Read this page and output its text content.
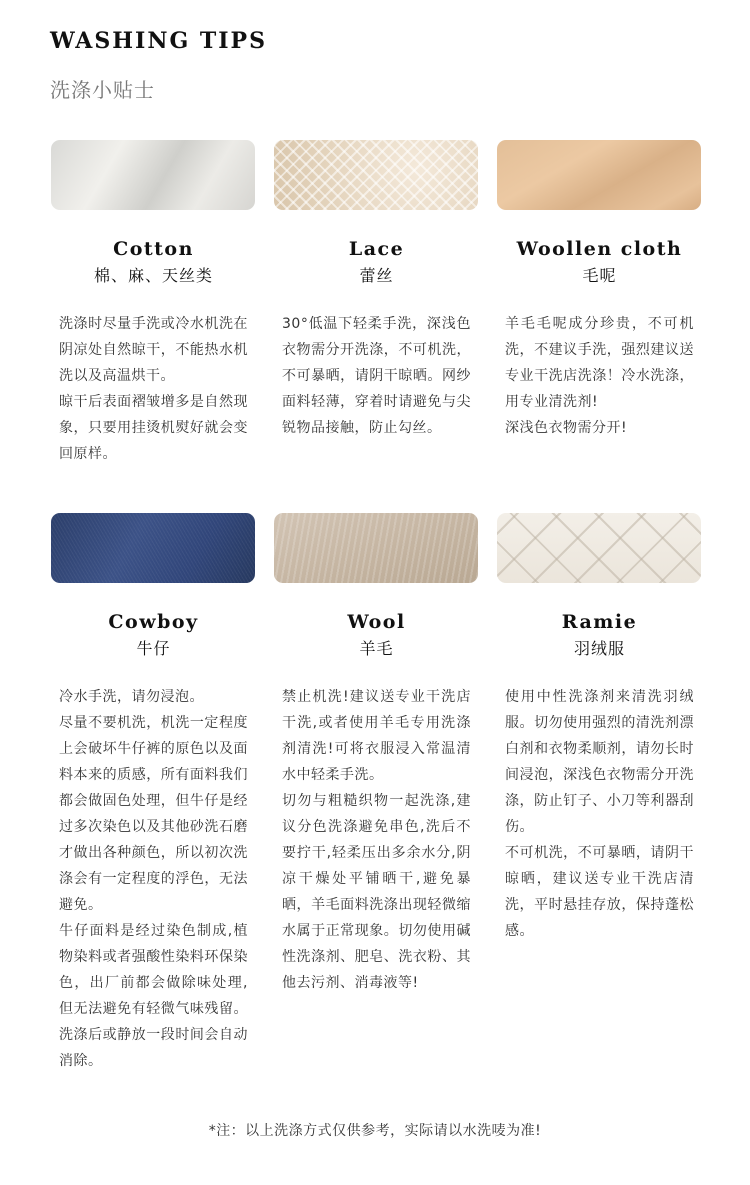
WASHING TIPS
洗涤小贴士
Cotton
棉、麻、天丝类

洗涤时尽量手洗或冷水机洗在阴凉处自然晾干，不能热水机洗以及高温烘干。

晾干后表面褶皱增多是自然现象，只要用挂烫机熨好就会变回原样。

Lace
蕾丝

30°低温下轻柔手洗，深浅色衣物需分开洗涤，不可机洗，不可暴晒，请阴干晾晒。网纱面料轻薄，穿着时请避免与尖锐物品接触，防止勾丝。

Woollen cloth
毛呢

羊毛毛呢成分珍贵，不可机洗，不建议手洗，强烈建议送专业干洗店洗涤！冷水洗涤，用专业清洗剂!

深浅色衣物需分开!

Cowboy
牛仔

冷水手洗，请勿浸泡。

尽量不要机洗，机洗一定程度上会破坏牛仔裤的原色以及面料本来的质感，所有面料我们都会做固色处理，但牛仔是经过多次染色以及其他砂洗石磨才做出各种颜色，所以初次洗涤会有一定程度的浮色，无法避免。

牛仔面料是经过染色制成,植物染料或者强酸性染料环保染色，出厂前都会做除味处理,但无法避免有轻微气味残留。洗涤后或静放一段时间会自动消除。

Wool
羊毛

禁止机洗!建议送专业干洗店干洗,或者使用羊毛专用洗涤剂清洗!可将衣服浸入常温清水中轻柔手洗。

切勿与粗糙织物一起洗涤,建议分色洗涤避免串色,洗后不要拧干,轻柔压出多余水分,阴凉干燥处平铺晒干,避免暴晒，羊毛面料洗涤出现轻微缩水属于正常现象。切勿使用碱性洗涤剂、肥皂、洗衣粉、其他去污剂、消毒液等!

Ramie
羽绒服

使用中性洗涤剂来清洗羽绒服。切勿使用强烈的清洗剂漂白剂和衣物柔顺剂，请勿长时间浸泡，深浅色衣物需分开洗涤，防止钉子、小刀等利器刮伤。

不可机洗，不可暴晒，请阴干晾晒，建议送专业干洗店清洗，平时悬挂存放，保持蓬松感。

*注：以上洗涤方式仅供参考，实际请以水洗唛为准!
